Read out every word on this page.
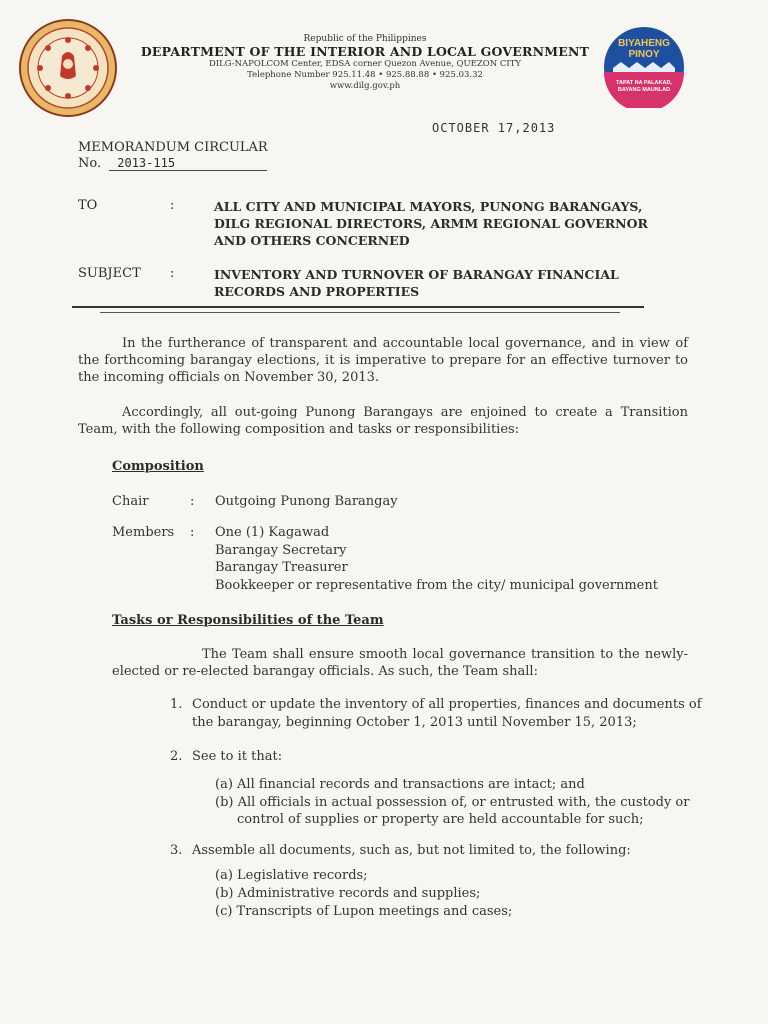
BIYAHENG
PINOY
TAPAT NA PALAKAD,
BAYANG MAUNLAD
Republic of the Philippines
DEPARTMENT OF THE INTERIOR AND LOCAL GOVERNMENT
DILG-NAPOLCOM Center, EDSA corner Quezon Avenue, QUEZON CITY
Telephone Number 925.11.48 • 925.88.88 • 925.03.32
www.dilg.gov.ph
OCTOBER 17,2013
MEMORANDUM CIRCULAR
No. 2013-115
TO	:	ALL CITY AND MUNICIPAL MAYORS, PUNONG BARANGAYS,
DILG REGIONAL DIRECTORS, ARMM REGIONAL GOVERNOR
AND OTHERS CONCERNED
SUBJECT :	INVENTORY AND TURNOVER OF BARANGAY FINANCIAL
RECORDS AND PROPERTIES
In the furtherance of transparent and accountable local governance, and in view of the forthcoming barangay elections, it is imperative to prepare for an effective turnover to the incoming officials on November 30, 2013.
Accordingly, all out-going Punong Barangays are enjoined to create a Transition Team, with the following composition and tasks or responsibilities:
Composition
Chair	: Outgoing Punong Barangay
Members : One (1) Kagawad
Barangay Secretary
Barangay Treasurer
Bookkeeper or representative from the city/ municipal government
Tasks or Responsibilities of the Team
The Team shall ensure smooth local governance transition to the newly-elected or re-elected barangay officials. As such, the Team shall:
1. Conduct or update the inventory of all properties, finances and documents of
the barangay, beginning October 1, 2013 until November 15, 2013;
2. See to it that:
(a) All financial records and transactions are intact; and
(b) All officials in actual possession of, or entrusted with, the custody or
control of supplies or property are held accountable for such;
3. Assemble all documents, such as, but not limited to, the following:
(a) Legislative records;
(b) Administrative records and supplies;
(c) Transcripts of Lupon meetings and cases;
